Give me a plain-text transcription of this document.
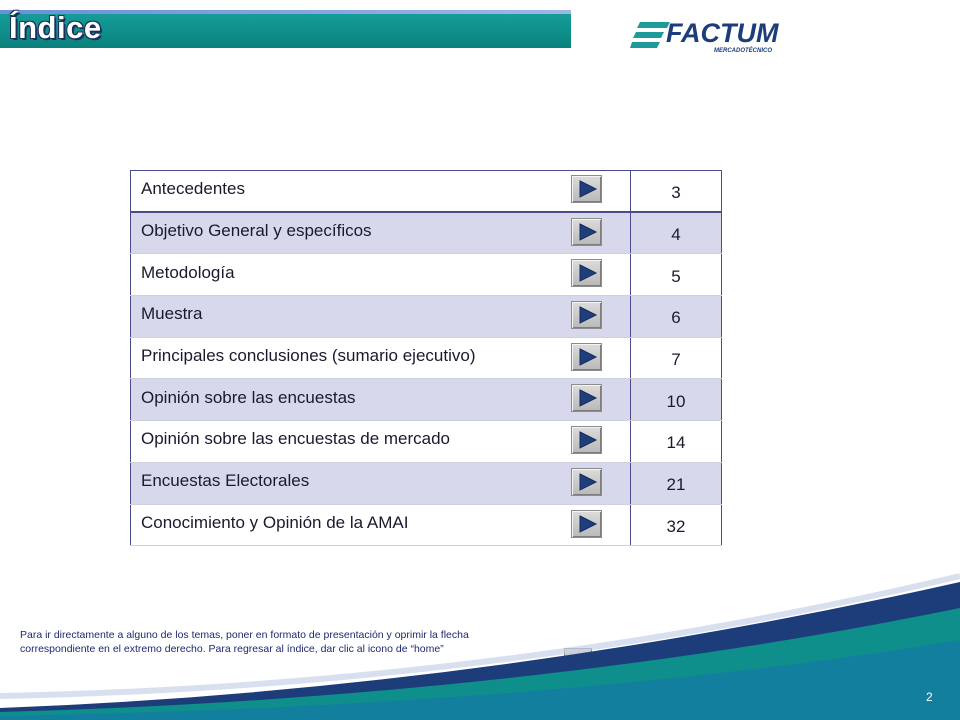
Índice	FACTUM
MERCADOTÉCNICO
Antecedentes	3
Objetivo General y específicos	4
Metodología	5
Muestra	6
Principales conclusiones (sumario ejecutivo)	7
Opinión sobre las encuestas	10
Opinión sobre las encuestas de mercado	14
Encuestas Electorales	21
Conocimiento y Opinión de la AMAI	32
Para ir directamente a alguno de los temas, poner en formato de presentación y oprimir la flecha
correspondiente en el extremo derecho. Para regresar al índice, dar clic al icono de “home”
2
